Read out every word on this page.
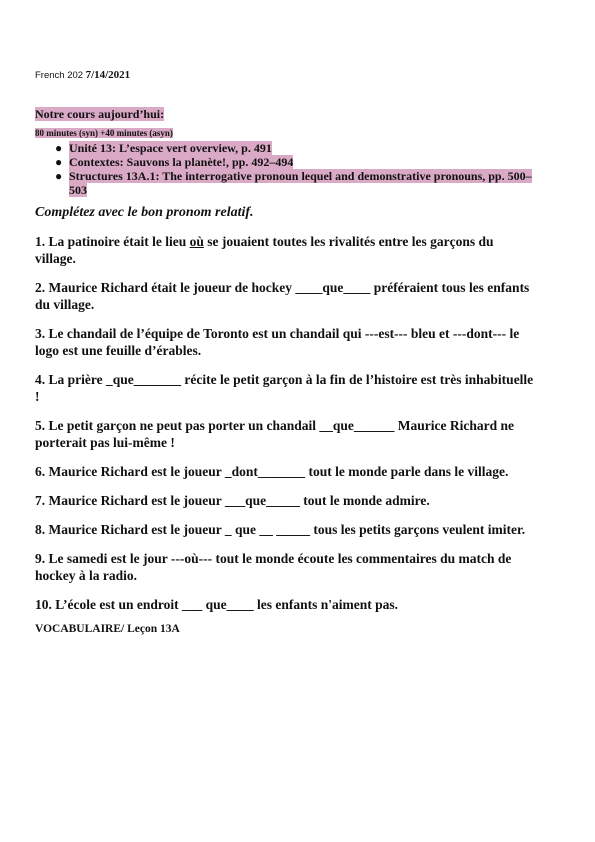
French 202 7/14/2021
Notre cours aujourd’hui:
80 minutes (syn) +40 minutes (asyn)
● Unité 13: L’espace vert overview, p. 491
● Contextes: Sauvons la planète!, pp. 492–494
● Structures 13A.1: The interrogative pronoun lequel and demonstrative pronouns, pp. 500–503
Complétez avec le bon pronom relatif.
1. La patinoire était le lieu où se jouaient toutes les rivalités entre les garçons du village.
2. Maurice Richard était le joueur de hockey ____que____ préféraient tous les enfants du village.
3. Le chandail de l’équipe de Toronto est un chandail qui ---est--- bleu et ---dont--- le logo est une feuille d’érables.
4. La prière _que_______ récite le petit garçon à la fin de l’histoire est très inhabituelle !
5. Le petit garçon ne peut pas porter un chandail __que______ Maurice Richard ne porterait pas lui-même !
6. Maurice Richard est le joueur _dont_______ tout le monde parle dans le village.
7. Maurice Richard est le joueur ___que_____ tout le monde admire.
8. Maurice Richard est le joueur _ que __ _____ tous les petits garçons veulent imiter.
9. Le samedi est le jour ---où--- tout le monde écoute les commentaires du match de hockey à la radio.
10. L’école est un endroit ___ que____ les enfants n'aiment pas.
VOCABULAIRE/ Leçon 13A
